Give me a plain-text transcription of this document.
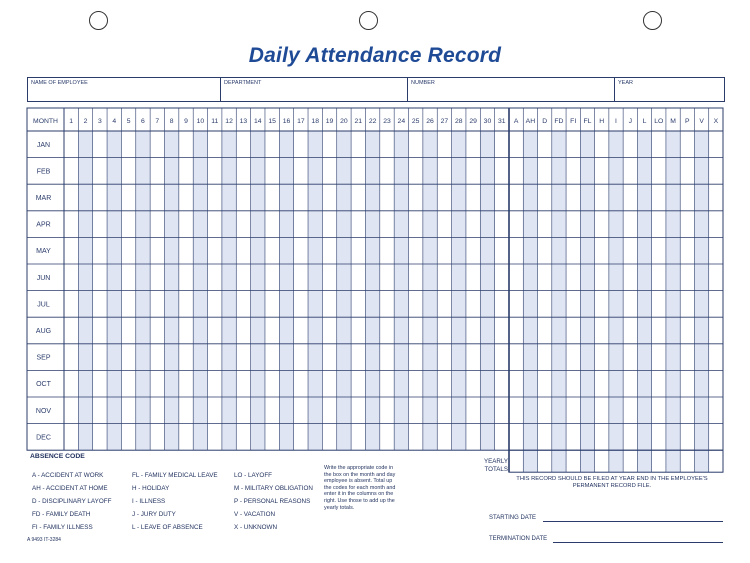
Daily Attendance Record
NAME OF EMPLOYEE	DEPARTMENT	NUMBER	YEAR
MONTH 1 2 3 4 5 6 7 8 9 10 11 12 13 14 15 16 17 18 19 20 21 22 23 24 25 26 27 28 29 30 31 A AH D FD FI FL H I J L LO M P V X
JAN
FEB
MAR
APR
MAY
JUN
JUL
AUG
SEP
OCT
NOV
DEC
ABSENCE CODE
A - ACCIDENT AT WORK
AH - ACCIDENT AT HOME
D - DISCIPLINARY LAYOFF
FD - FAMILY DEATH
FI - FAMILY ILLNESS
FL - FAMILY MEDICAL LEAVE
H - HOLIDAY
I - ILLNESS
J - JURY DUTY
L - LEAVE OF ABSENCE
LO - LAYOFF
M - MILITARY OBLIGATION
P - PERSONAL REASONS
V - VACATION
X - UNKNOWN
Write the appropriate code in the box on the month and day employee is absent. Total up the codes for each month and enter it in the columns on the right. Use those to add up the yearly totals.
YEARLY TOTALS
THIS RECORD SHOULD BE FILED AT YEAR END IN THE EMPLOYEE'S PERMANENT RECORD FILE.
STARTING DATE
TERMINATION DATE
A 9493 IT-3284
